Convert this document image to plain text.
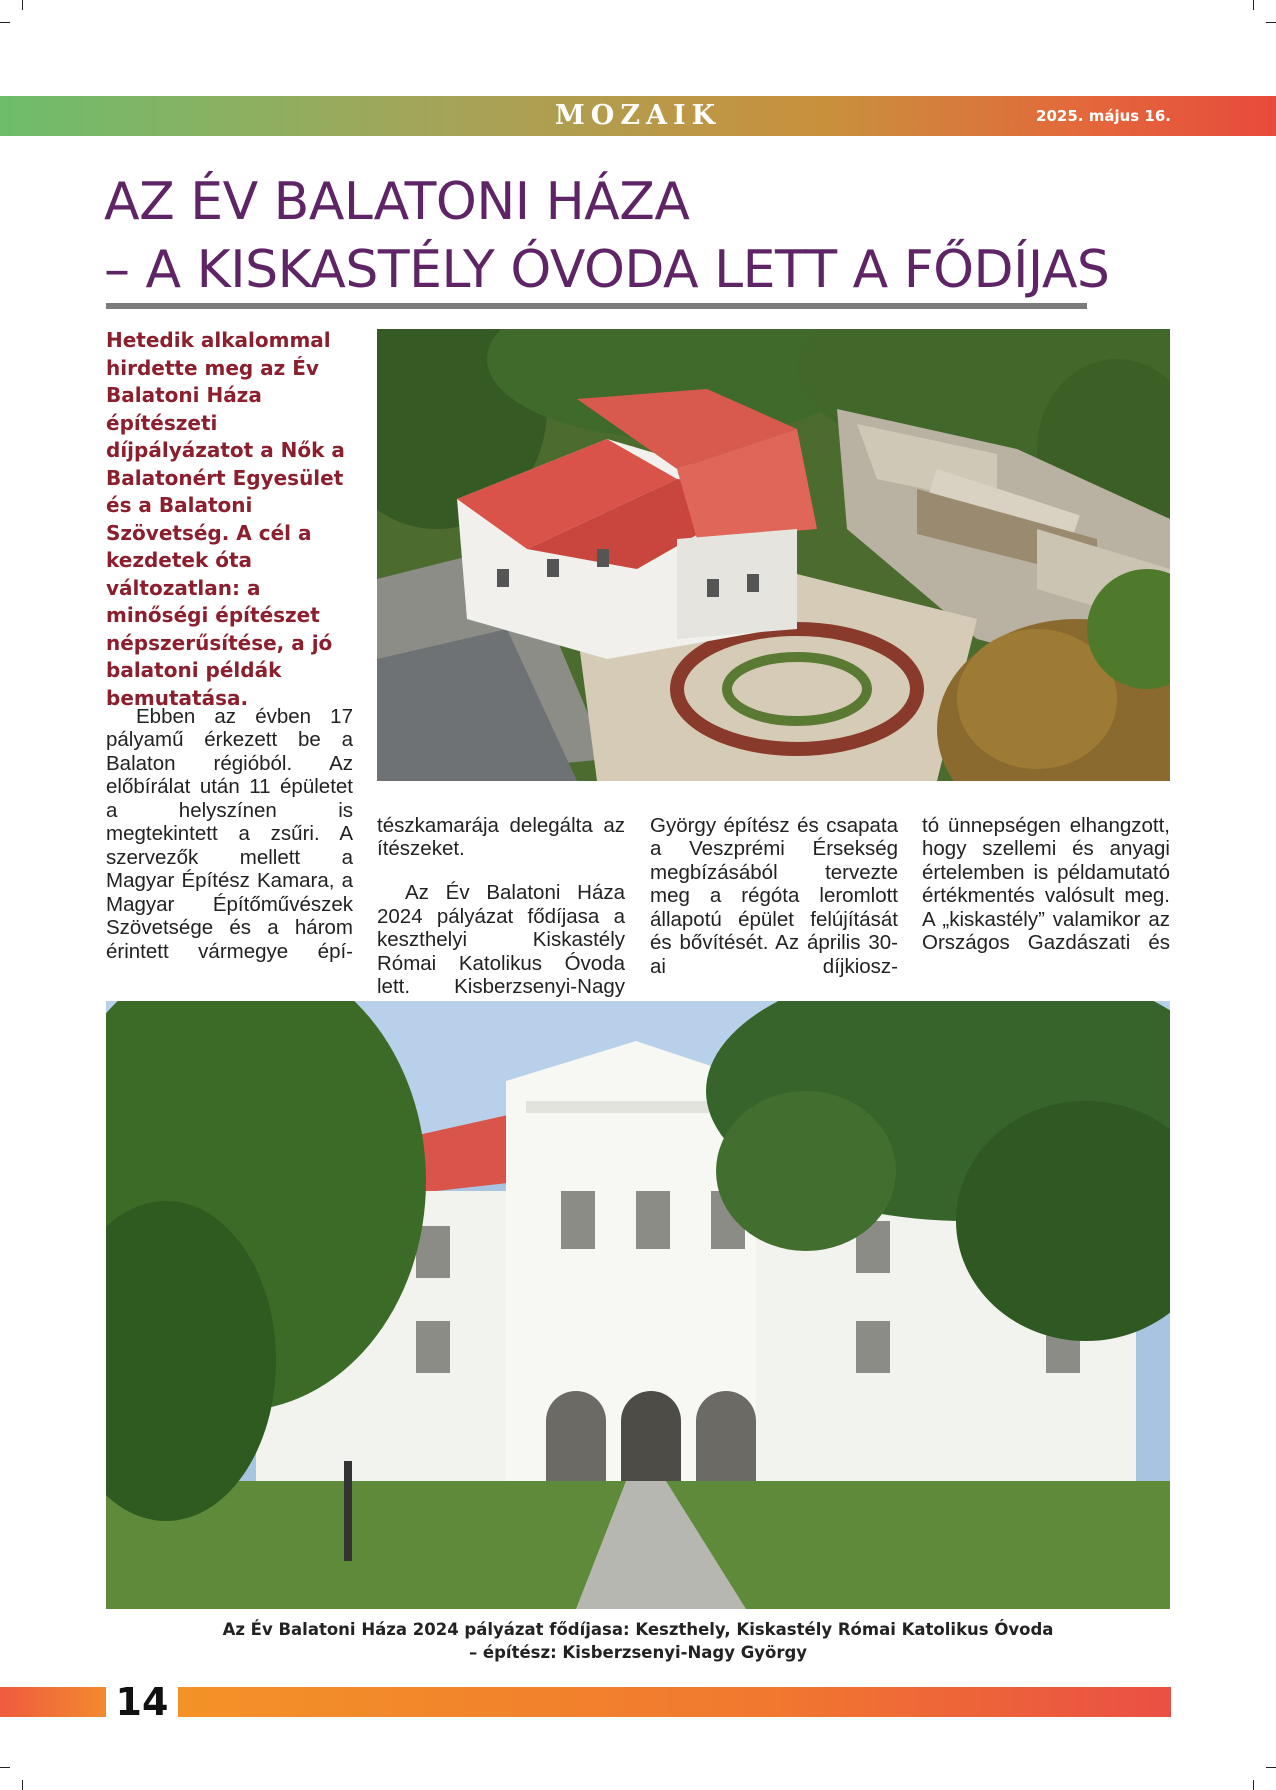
MOZAIK	2025. május 16.
AZ ÉV BALATONI HÁZA
– A KISKASTÉLY ÓVODA LETT A FŐDÍJAS

Hetedik alkalommal hirdette meg az Év Balatoni Háza építészeti díjpályázatot a Nők a Balatonért Egyesület és a Balatoni Szövetség. A cél a kezdetek óta változatlan: a minőségi építészet népszerűsítése, a jó balatoni példák bemutatása.

Ebben az évben 17 pályamű érkezett be a Balaton régióból. Az előbírálat után 11 épületet a helyszínen is megtekintett a zsűri. A szervezők mellett a Magyar Építész Kamara, a Magyar Építőművészek Szövetsége és a három érintett vármegye épí-

tészkamarája delegálta az ítészeket.

Az Év Balatoni Háza 2024 pályázat fődíjasa a keszthelyi Kiskastély Római Katolikus Óvoda lett. Kisberzsenyi-Nagy

György építész és csapata a Veszprémi Érsekség megbízásából tervezte meg a régóta leromlott állapotú épület felújítását és bővítését. Az április 30-ai díjkiosz-

tó ünnepségen elhangzott, hogy szellemi és anyagi értelemben is példamutató értékmentés valósult meg. A „kiskastély” valamikor az Országos Gazdászati és

Az Év Balatoni Háza 2024 pályázat fődíjasa: Keszthely, Kiskastély Római Katolikus Óvoda
– építész: Kisberzsenyi-Nagy György

14
